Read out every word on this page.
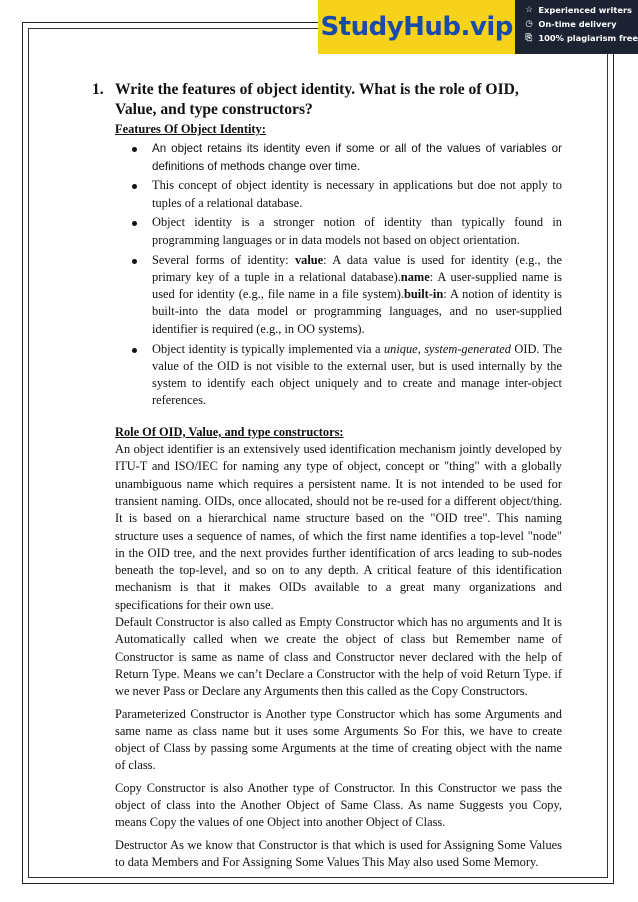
StudyHub.vip
☆ Experienced writers
◷ On-time delivery
⎘ 100% plagiarism free
1. Write the features of object identity. What is the role of OID, Value, and type constructors?
Features Of Object Identity:
An object retains its identity even if some or all of the values of variables or definitions of methods change over time.
This concept of object identity is necessary in applications but doe not apply to tuples of a relational database.
Object identity is a stronger notion of identity than typically found in programming languages or in data models not based on object orientation.
Several forms of identity: value: A data value is used for identity (e.g., the primary key of a tuple in a relational database).name: A user-supplied name is used for identity (e.g., file name in a file system).built-in: A notion of identity is built-into the data model or programming languages, and no user-supplied identifier is required (e.g., in OO systems).
Object identity is typically implemented via a unique, system-generated OID. The value of the OID is not visible to the external user, but is used internally by the system to identify each object uniquely and to create and manage inter-object references.
Role Of OID, Value, and type constructors:
An object identifier is an extensively used identification mechanism jointly developed by ITU-T and ISO/IEC for naming any type of object, concept or "thing" with a globally unambiguous name which requires a persistent name. It is not intended to be used for transient naming. OIDs, once allocated, should not be re-used for a different object/thing. It is based on a hierarchical name structure based on the "OID tree". This naming structure uses a sequence of names, of which the first name identifies a top-level "node" in the OID tree, and the next provides further identification of arcs leading to sub-nodes beneath the top-level, and so on to any depth. A critical feature of this identification mechanism is that it makes OIDs available to a great many organizations and specifications for their own use.
Default Constructor is also called as Empty Constructor which has no arguments and It is Automatically called when we create the object of class but Remember name of Constructor is same as name of class and Constructor never declared with the help of Return Type. Means we can’t Declare a Constructor with the help of void Return Type. if we never Pass or Declare any Arguments then this called as the Copy Constructors.
Parameterized Constructor is Another type Constructor which has some Arguments and same name as class name but it uses some Arguments So For this, we have to create object of Class by passing some Arguments at the time of creating object with the name of class.
Copy Constructor is also Another type of Constructor. In this Constructor we pass the object of class into the Another Object of Same Class. As name Suggests you Copy, means Copy the values of one Object into another Object of Class.
Destructor As we know that Constructor is that which is used for Assigning Some Values to data Members and For Assigning Some Values This May also used Some Memory.
